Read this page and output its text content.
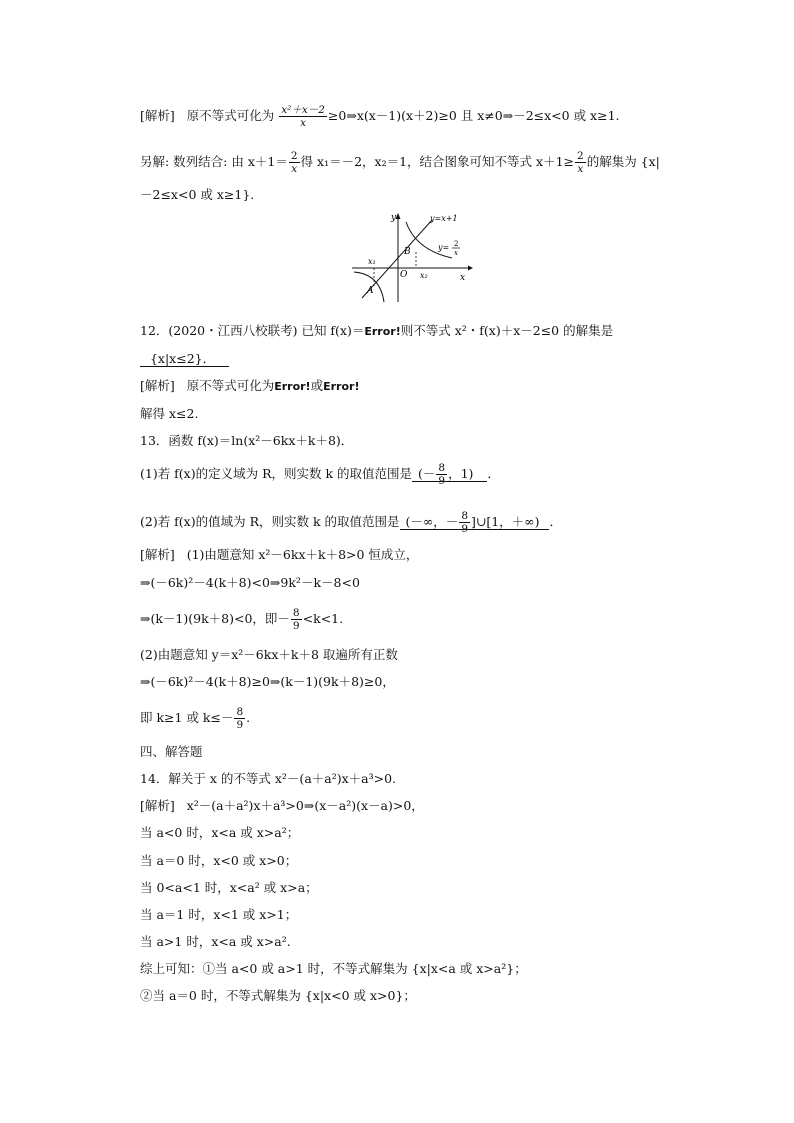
[解析] 原不等式可化为 $\frac{\text{x²＋x－2}}{x}$ ≥0⇒x(x－1)(x＋2)≥0 且 x≠0⇒－2≤x<0 或 x≥1.
另解: 数列结合: 由 $x+1= \frac{2}{x}$ 得 x₁＝－2，x₂＝1，结合图象可知不等式 $x+1\ge \frac{2}{x}$ 的解集为 {x|
－2≤x<0 或 x≥1}.
y
x
O
A
B
x₁
x₂
y=x+1
y= 2
x
12．(2020・江西八校联考) 已知 f(x)＝Error!则不等式 x²・f(x)＋x－2≤0 的解集是
{x|x≤2}．
[解析] 原不等式可化为Error!或Error!
解得 x≤2.
13．函数 f(x)＝ln(x²－6kx＋k＋8)．
(1)若 f(x)的定义域为 R，则实数 k 的取值范围是 (－ $\frac{8}{9}$ ，1) ．
(2)若 f(x)的值域为 R，则实数 k 的取值范围是 (－∞，－ $\frac{8}{9}$ ]∪[1，＋∞) ．
[解析] (1)由题意知 x²－6kx＋k＋8>0 恒成立，
⇒(－6k)²－4(k＋8)<0⇒9k²－k－8<0
⇒(k－1)(9k＋8)<0，即－ $\frac{8}{9} <k<1$.
(2)由题意知 y＝x²－6kx＋k＋8 取遍所有正数
⇒(－6k)²－4(k＋8)≥0⇒(k－1)(9k＋8)≥0，
即 k≥1 或 $k\le- \frac{8}{9}$ .
四、解答题
14．解关于 x 的不等式 x²－(a＋a²)x＋a³>0.
[解析] x²－(a＋a²)x＋a³>0⇒(x－a²)(x－a)>0，
当 a<0 时，x<a 或 x>a²；
当 a＝0 时，x<0 或 x>0；
当 0<a<1 时，x<a² 或 x>a；
当 a＝1 时，x<1 或 x>1；
当 a>1 时，x<a 或 x>a².
综上可知：①当 a<0 或 a>1 时，不等式解集为 {x|x<a 或 x>a²}；
②当 a＝0 时，不等式解集为 {x|x<0 或 x>0}；
